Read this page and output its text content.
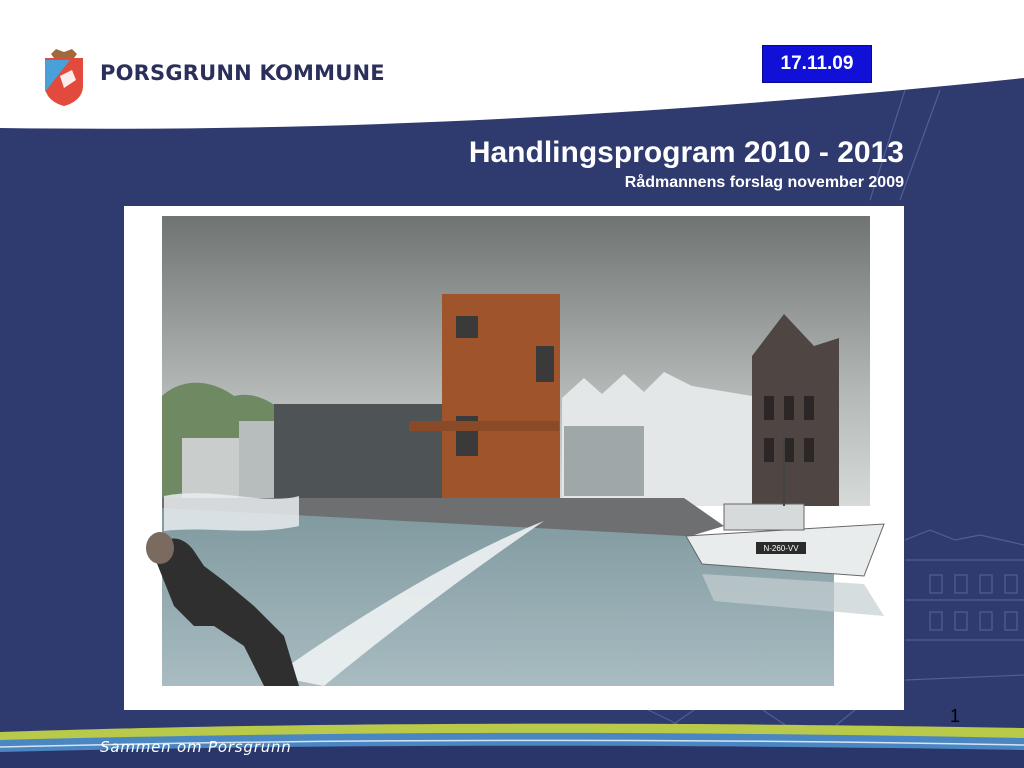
PORSGRUNN KOMMUNE	17.11.09
Handlingsprogram 2010 - 2013
Rådmannens forslag november 2009
N-260-VV
1
Sammen om Porsgrunn
